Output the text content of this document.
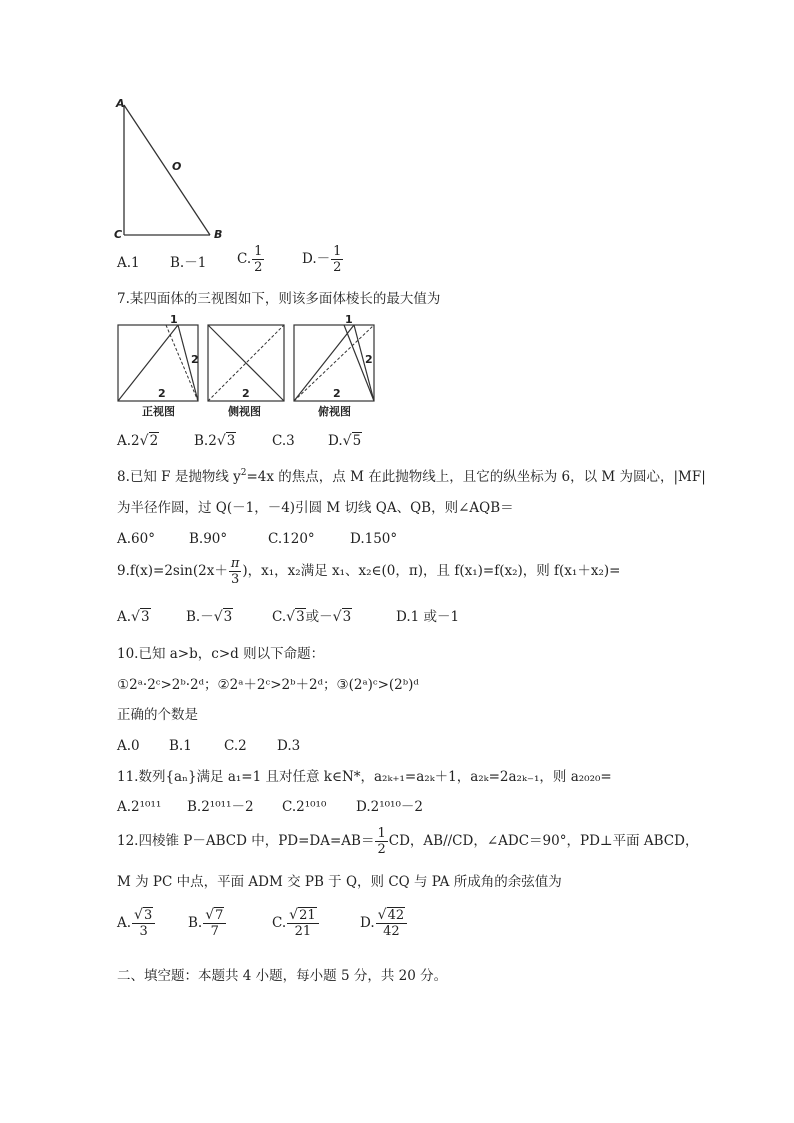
A
O
C	B
A.1 B.－1 C. $\frac{1}{2}$	$D.- \frac{1}{2}$
7.某四面体的三视图如下，则该多面体棱长的最大值为
1
2
2	2
1
2
2
正视图	侧视图	俯视图
A.2√2	B.2√3	C.3 D.√5
8.已知 F 是抛物线 $y^2=4x$ 的焦点，点 M 在此抛物线上，且它的纵坐标为 6，以 M 为圆心，|MF|
为半径作圆，过 Q(－1，－4)引圆 M 切线 QA、QB，则∠AQB＝
A.60°	B.90°	C.120°	D.150°
$9.f(x)=2\sin(2x+ \frac{\pi}{3}$ )，x₁，x₂满足 x₁、x₂∈(0，π)，且 f(x₁)=f(x₂)，则 f(x₁＋x₂)=
A.√3	B.－√3	C.√3或－√3	D.1 或－1
10.已知 a>b，c>d 则以下命题：
①2ᵃ·2ᶜ>2ᵇ·2ᵈ；②2ᵃ＋2ᶜ>2ᵇ＋2ᵈ；③(2ᵃ)ᶜ>(2ᵇ)ᵈ
正确的个数是
A.0 B.1 C.2 D.3
11.数列{aₙ}满足 a₁=1 且对任意 k∈N*，a₂ₖ₊₁=a₂ₖ＋1，a₂ₖ=2a₂ₖ₋₁，则 a₂₀₂₀=
A.2¹⁰¹¹ B.2¹⁰¹¹－2 C.2¹⁰¹⁰ D.2¹⁰¹⁰－2
12.四棱锥 P－ABCD 中，$PD=DA=AB= \frac{1}{2}$ CD，AB//CD，∠ADC＝90°，PD⊥平面 ABCD，
M 为 PC 中点，平面 ADM 交 PB 于 Q，则 CQ 与 PA 所成角的余弦值为
A. $\frac{√3}{3} B$. $\frac{√7}{7}$	C. $\frac{√21}{21}$	D. $\frac{√42}{42}$
二、填空题：本题共 4 小题，每小题 5 分，共 20 分。
